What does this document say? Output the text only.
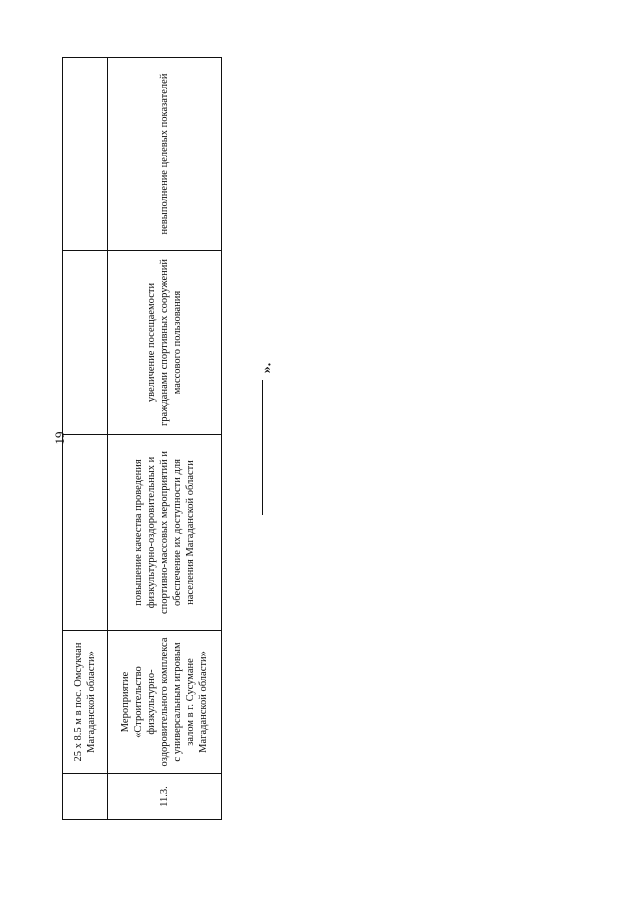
19
	25 x 8.5 м в пос. Омсукчан Магаданской области»			
11.3.	Мероприятие «Строительство физкультурно-оздоровительного комплекса с универсальным игровым залом в г. Сусумане Магаданской области»	повышение качества проведения физкультурно-оздоровительных и спортивно-массовых мероприятий и обеспечение их доступности для населения Магаданской области	увеличение посещаемости гражданами спортивных сооружений массового пользования	невыполнение целевых показателей
».
